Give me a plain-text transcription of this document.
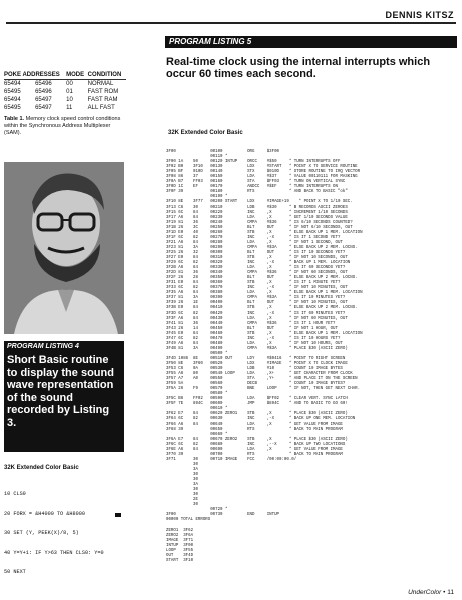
DENNIS KITSZ
POKE ADDRESSES		MODE	CONDITION
65494	65496	00	NORMAL
65495	65496	01	FAST ROM
65494	65497	10	FAST RAM
65495	65497	11	ALL FAST
Table 1. Memory clock speed control conditions within the Synchronous Address Multiplexer (SAM).
PROGRAM LISTING 4
Short Basic routine to display the sound wave representation of the sound recorded by Listing 3.
32K Extended Color Basic

10 CLS0

20 FORX = &H4000 TO &H8000

30 SET (Y, PEEK(X)/8, 5)

40 Y=Y+1: IF Y>63 THEN CLS0: Y=0

50 NEXT

PROGRAM LISTING 5
Real-time clock using the internal interrupts which occur 60 times each second.
32K Extended Color Basic
3F00              00100          ORG     $3F00
00110 *
3F00 1A    50     00120 INTUP    ORCC    #$50     * TURN INTERRUPTS OFF
3F02 B0    3F10   00130          LDX     #START   * POINT X TO SERVICE ROUTINE
3F05 BF    010D   00140          STX     $010D    * STORE ROUTINE TO IRQ VECTOR
3F08 86    37     00150          LDA     #$37     * VALUE 00110111 FOR MASKING
3F0A B7    FF03   00160          STA     $FF03    * TURN ON VERTICAL SYNC
3F0D 1C    EF     00170          ANDCC   #$EF     * TURN INTERRUPTS ON
3F0F 39           00180          RTS              * AND BACK TO BASIC "ok"
00190 *
3F10 8E    3F77   00200 START    LDX     #IMAGE+19    * POINT X TO 1/10 SEC.
3F13 C6    30     00210          LDB     #$30     * B RECORDS ASCII ZEROES
3F15 6C    84     00220          INC     ,X       * INCREMENT 1/10 SECONDS
3F17 A6    84     00230          LDA     ,X       * GET 1/10 SECONDS VALUE
3F19 81    36     00240          CMPA    #$36     * IS 6/10 SECONDS COUNTED?
3F1B 26    3C     00250          BLT     OUT      * IF NOT 6/10 SECONDS, OUT
3F1D E0    40     00260          STB     ,X       * ELSE BACK UP 1 MEM. LOCATION
3F1F 6C    82     00270          INC     ,-X      * IS IT 1 SECOND YET?
3F21 A6    84     00280          LDA     ,X       * IF NOT 1 SECOND, OUT
3F23 81    3A     00290          CMPA    #$3A     * ELSE BACK UP 2 MEM. LOCNS.
3F25 26    32     00300          BLT     OUT      * IS IT 10 SECONDS YET?
3F27 E0    84     00310          STB     ,X       * IF NOT 10 SECONDS, OUT
3F29 6C    82     00320          INC     ,-X      * BACK UP 1 MEM. LOCATION
3F2B A6    84     00330          LDA     ,X       * IS IT 60 SECONDS YET?
3F2D 81    36     00340          CMPA    #$36     * IF NOT 60 SECONDS, OUT
3F2F 26    28     00350          BLT     OUT      * ELSE BACK UP 2 MEM. LOCNS.
3F31 E0    84     00360          STB     ,X       * IS IT 1 MINUTE YET?
3F33 6C    82     00370          INC     ,-X      * IF NOT 10 MINUTES, OUT
3F35 A6    84     00380          LDA     ,X       * ELSE BACK UP 1 MEM. LOCATION
3F37 81    3A     00390          CMPA    #$3A     * IS IT 10 MINUTES YET?
3F39 26    1E     00400          BLT     OUT      * IF NOT 10 MINUTES, OUT
3F3B E0    84     00410          STB     ,X       * ELSE BACK UP 2 MEM. LOCNS.
3F3D 6C    82     00420          INC     ,-X      * IS IT 60 MINUTES YET?
3F3F A6    84     00430          LDA     ,X       * IF NOT 60 MINUTES, OUT
3F41 81    36     00440          CMPA    #$36     * IS IT 1 HOUR YET?
3F43 26    14     00450          BLT     OUT      * IF NOT 1 HOUR, OUT
3F45 E0    84     00460          STB     ,X       * ELSE BACK UP 1 MEM. LOCATION
3F47 6C    82     00470          INC     ,-X      * IS IT 10 HOURS YET?
3F49 A6    84     00480          LDA     ,X       * IF NOT 10 HOURS, OUT
3F4B 81    3A     00490          CMPA    #$3A     * PLACE $30 (ASCII ZERO)
00500 *
3F4D 1086  8E     00510 OUT      LDY     #$0416   * POINT TO RIGHT SCREEN
3F50 8E    3F60   00520          LDX     #IMAGE   * POINT X TO CLOCK IMAGE
3F53 C6    0A     00530          LDB     #10      * COUNT 10 IMAGE BYTES
3F55 A6    80     00540 LOOP     LDA     ,X+      * GET CHARACTER FROM CLOCK
3F57 A7    A0     00550          STA     ,Y+      * AND PLACE IT ON THE SCREEN
3F59 5A           00560          DECB             * COUNT 10 IMAGE BYTES?
3F5A 26    F9     00570          BNE     LOOP     * IF NOT, THEN GET NEXT CHAR.
00580 *
3F5C B6    FF02   00590          LDA     $FF02    * CLEAR VERT. SYNC LATCH
3F5F 7E    894C   00600          JMP     $894C    * AND TO BASIC TO GO 60!
00610 *
3F62 E7    84     00620 ZERO1    STB     ,X       * PLACE $30 (ASCII ZERO)
3F64 6C    82     00630          INC     ,-X      * BACK UP ONE MEM. LOCATION
3F66 A6    84     00640          LDA     ,X       * GET VALUE FROM IMAGE
3F68 39           00650          RTS              * BACK TO MAIN PROGRAM
00660 *
3F6A E7    84     00670 ZERO2    STB     ,X       * PLACE $30 (ASCII ZERO)
3F6C 6C    82     00680          INC     ,--X     * BACK UP TWO LOCATIONS
3F6E A6    84     00690          LDA     ,X       * GET VALUE FROM IMAGE
3F70 39           00700          RTS              * BACK TO MAIN PROGRAM
3F71       30     00710 IMAGE    FCC     /00:00:00.0/
30
3A
30
30
3A
30
30
2E
30
00720 *
3F00              00730          END     INTUP
00000 TOTAL ERRORS
ZERO1  3F62
ZERO2  3F6A
IMAGE  3F71
INTUP  3F00
LOOP   3F55
OUT    3F4D
START  3F10
UnderColor • 11
